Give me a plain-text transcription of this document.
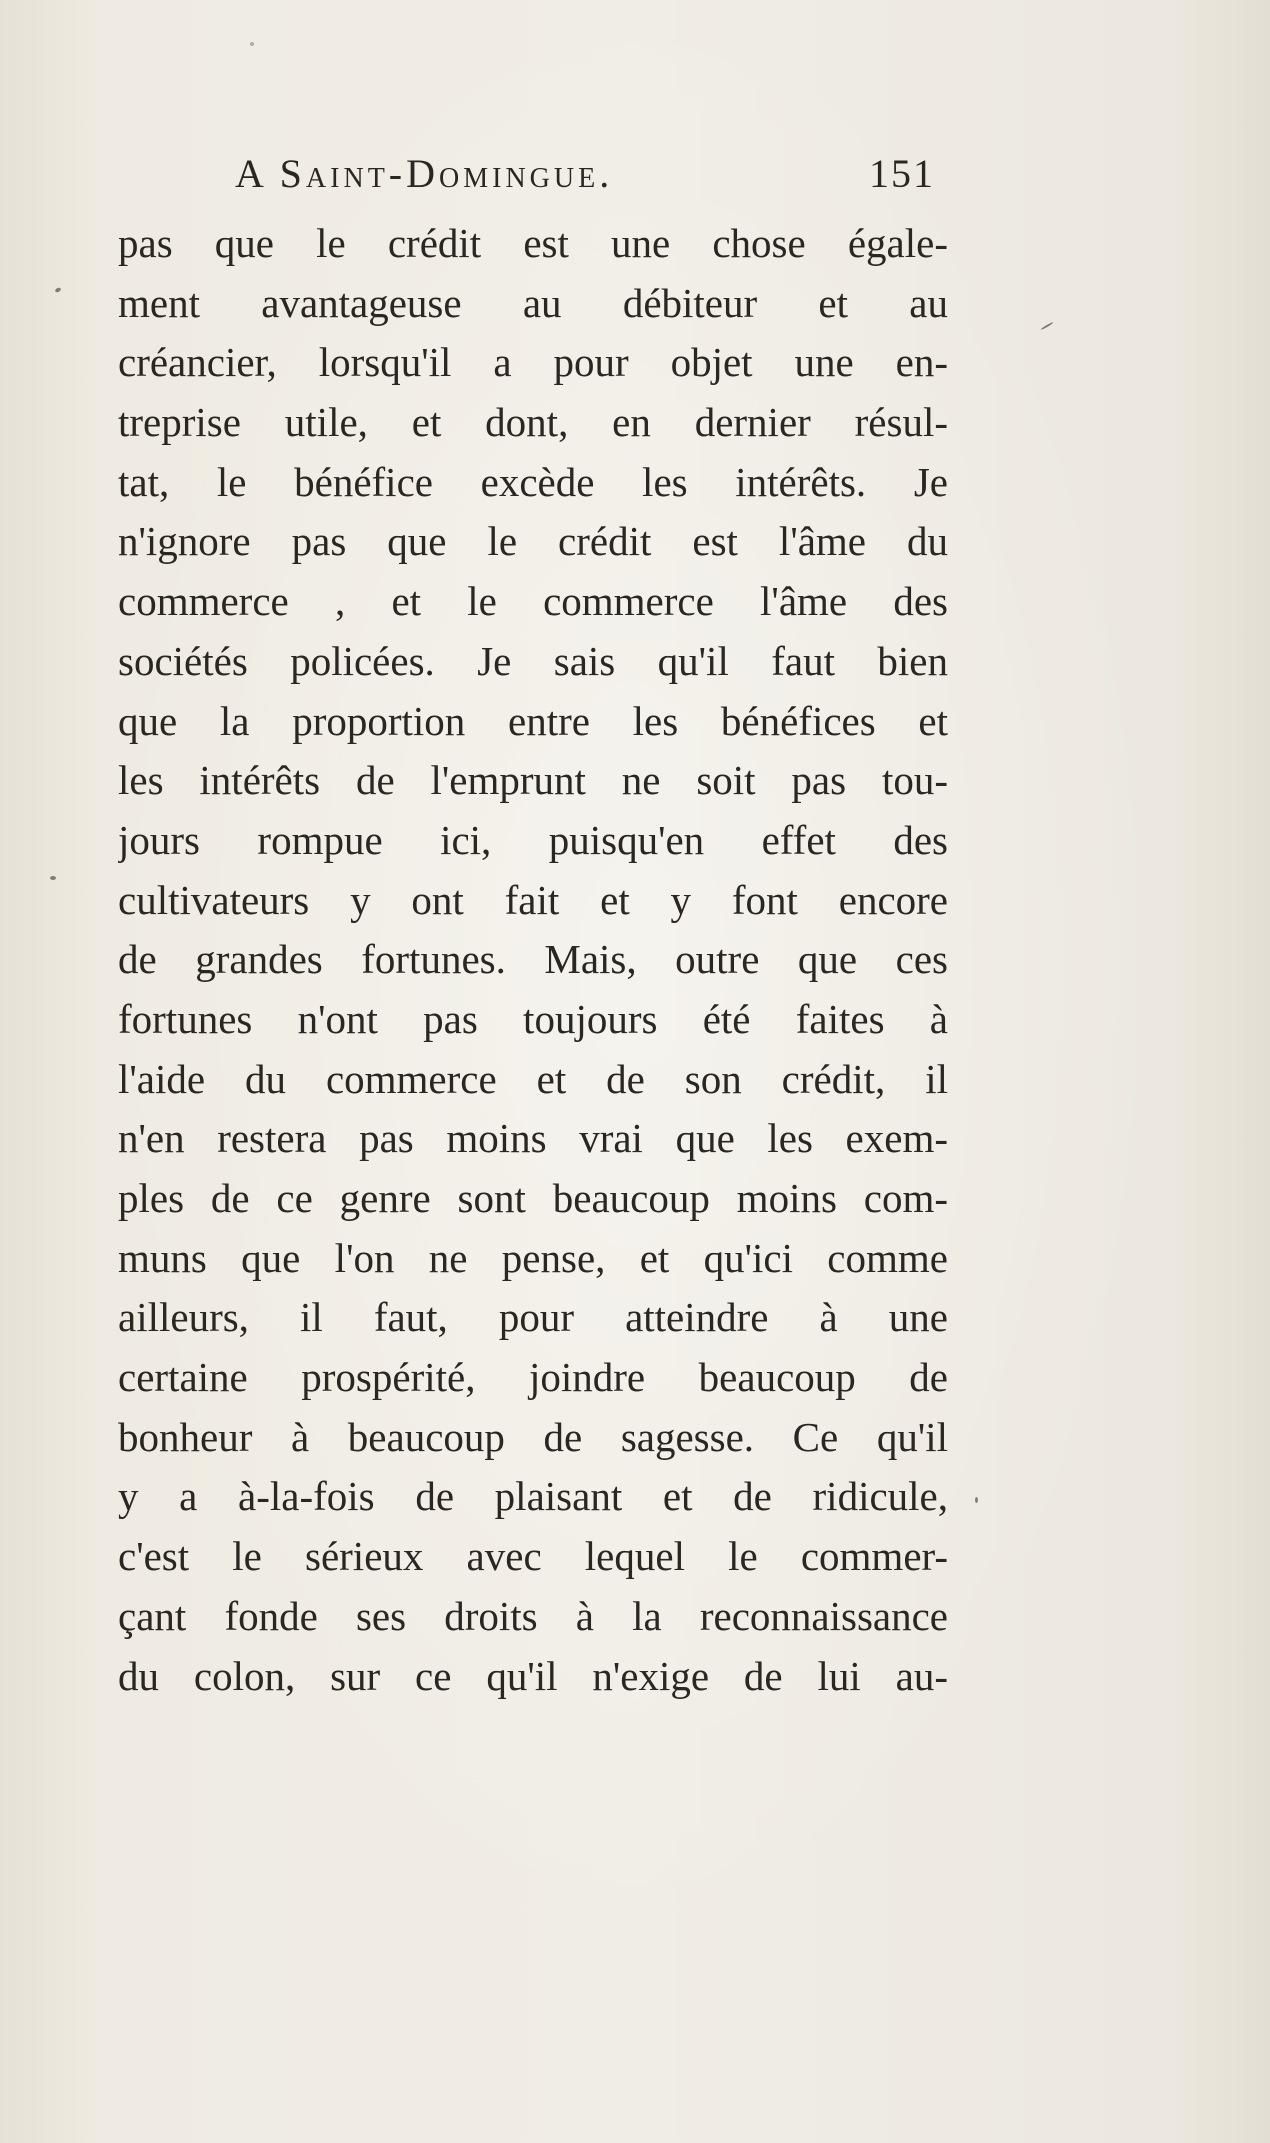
A Saint-Domingue.	151
pas que le crédit est une chose égale-
ment avantageuse au débiteur et au
créancier, lorsqu'il a pour objet une en-
treprise utile, et dont, en dernier résul-
tat, le bénéfice excède les intérêts. Je
n'ignore pas que le crédit est l'âme du
commerce , et le commerce l'âme des
sociétés policées. Je sais qu'il faut bien
que la proportion entre les bénéfices et
les intérêts de l'emprunt ne soit pas tou-
jours rompue ici, puisqu'en effet des
cultivateurs y ont fait et y font encore
de grandes fortunes. Mais, outre que ces
fortunes n'ont pas toujours été faites à
l'aide du commerce et de son crédit, il
n'en restera pas moins vrai que les exem-
ples de ce genre sont beaucoup moins com-
muns que l'on ne pense, et qu'ici comme
ailleurs, il faut, pour atteindre à une
certaine prospérité, joindre beaucoup de
bonheur à beaucoup de sagesse. Ce qu'il
y a à-la-fois de plaisant et de ridicule,
c'est le sérieux avec lequel le commer-
çant fonde ses droits à la reconnaissance
du colon, sur ce qu'il n'exige de lui au-
